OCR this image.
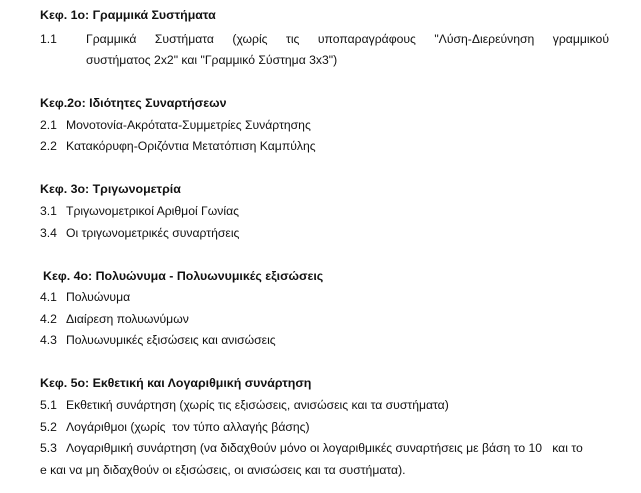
Κεφ. 1ο: Γραμμικά Συστήματα
1.1 Γραμμικά Συστήματα (χωρίς τις υποπαραγράφους "Λύση-Διερεύνηση γραμμικού
συστήματος 2x2" και "Γραμμικό Σύστημα 3x3")
Κεφ.2ο: Ιδιότητες Συναρτήσεων
2.1 Μονοτονία-Ακρότατα-Συμμετρίες Συνάρτησης
2.2 Κατακόρυφη-Οριζόντια Μετατόπιση Καμπύλης
Κεφ. 3ο: Τριγωνομετρία
3.1 Τριγωνομετρικοί Αριθμοί Γωνίας
3.4 Οι τριγωνομετρικές συναρτήσεις
Κεφ. 4ο: Πολυώνυμα - Πολυωνυμικές εξισώσεις
4.1 Πολυώνυμα
4.2 Διαίρεση πολυωνύμων
4.3 Πολυωνυμικές εξισώσεις και ανισώσεις
Κεφ. 5ο: Εκθετική και Λογαριθμική συνάρτηση
5.1 Εκθετική συνάρτηση (χωρίς τις εξισώσεις, ανισώσεις και τα συστήματα)
5.2 Λογάριθμοι (χωρίς  τον τύπο αλλαγής βάσης)
5.3 Λογαριθμική συνάρτηση (να διδαχθούν μόνο οι λογαριθμικές συναρτήσεις με βάση το 10   και το
e και να μη διδαχθούν οι εξισώσεις, οι ανισώσεις και τα συστήματα).
